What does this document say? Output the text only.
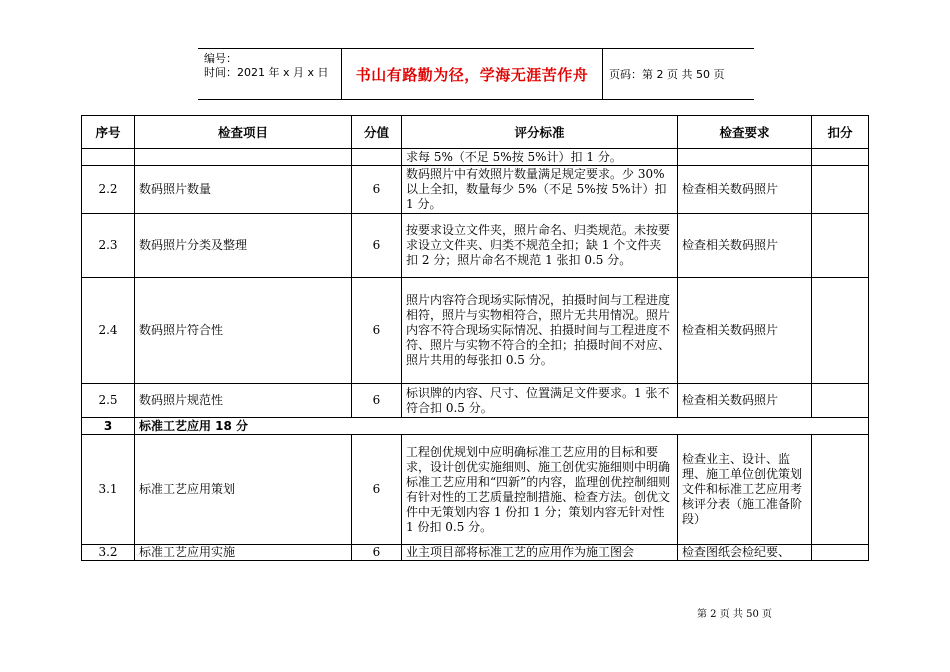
编号：
时间：2021 年 x 月 x 日	书山有路勤为径，学海无涯苦作舟	页码：第 2 页 共 50 页
序号	检查项目	分值	评分标准	检查要求	扣分
			求每 5%（不足 5%按 5%计）扣 1 分。		
2.2	数码照片数量	6	数码照片中有效照片数量满足规定要求。少 30%以上全扣，数量每少 5%（不足 5%按 5%计）扣 1 分。	检查相关数码照片	
2.3	数码照片分类及整理	6	按要求设立文件夹，照片命名、归类规范。未按要求设立文件夹、归类不规范全扣；缺 1 个文件夹扣 2 分；照片命名不规范 1 张扣 0.5 分。	检查相关数码照片	
2.4	数码照片符合性	6	照片内容符合现场实际情况，拍摄时间与工程进度相符，照片与实物相符合，照片无共用情况。照片内容不符合现场实际情况、拍摄时间与工程进度不符、照片与实物不符合的全扣；拍摄时间不对应、照片共用的每张扣 0.5 分。	检查相关数码照片	
2.5	数码照片规范性	6	标识牌的内容、尺寸、位置满足文件要求。1 张不符合扣 0.5 分。	检查相关数码照片	
3	标准工艺应用 18 分				
3.1	标准工艺应用策划	6	工程创优规划中应明确标准工艺应用的目标和要求，设计创优实施细则、施工创优实施细则中明确标准工艺应用和“四新”的内容，监理创优控制细则有针对性的工艺质量控制措施、检查方法。创优文件中无策划内容 1 份扣 1 分；策划内容无针对性 1 份扣 0.5 分。	检查业主、设计、监理、施工单位创优策划文件和标准工艺应用考核评分表（施工准备阶段）	
3.2	标准工艺应用实施	6	业主项目部将标准工艺的应用作为施工图会	检查图纸会检纪要、	
第 2 页 共 50 页
